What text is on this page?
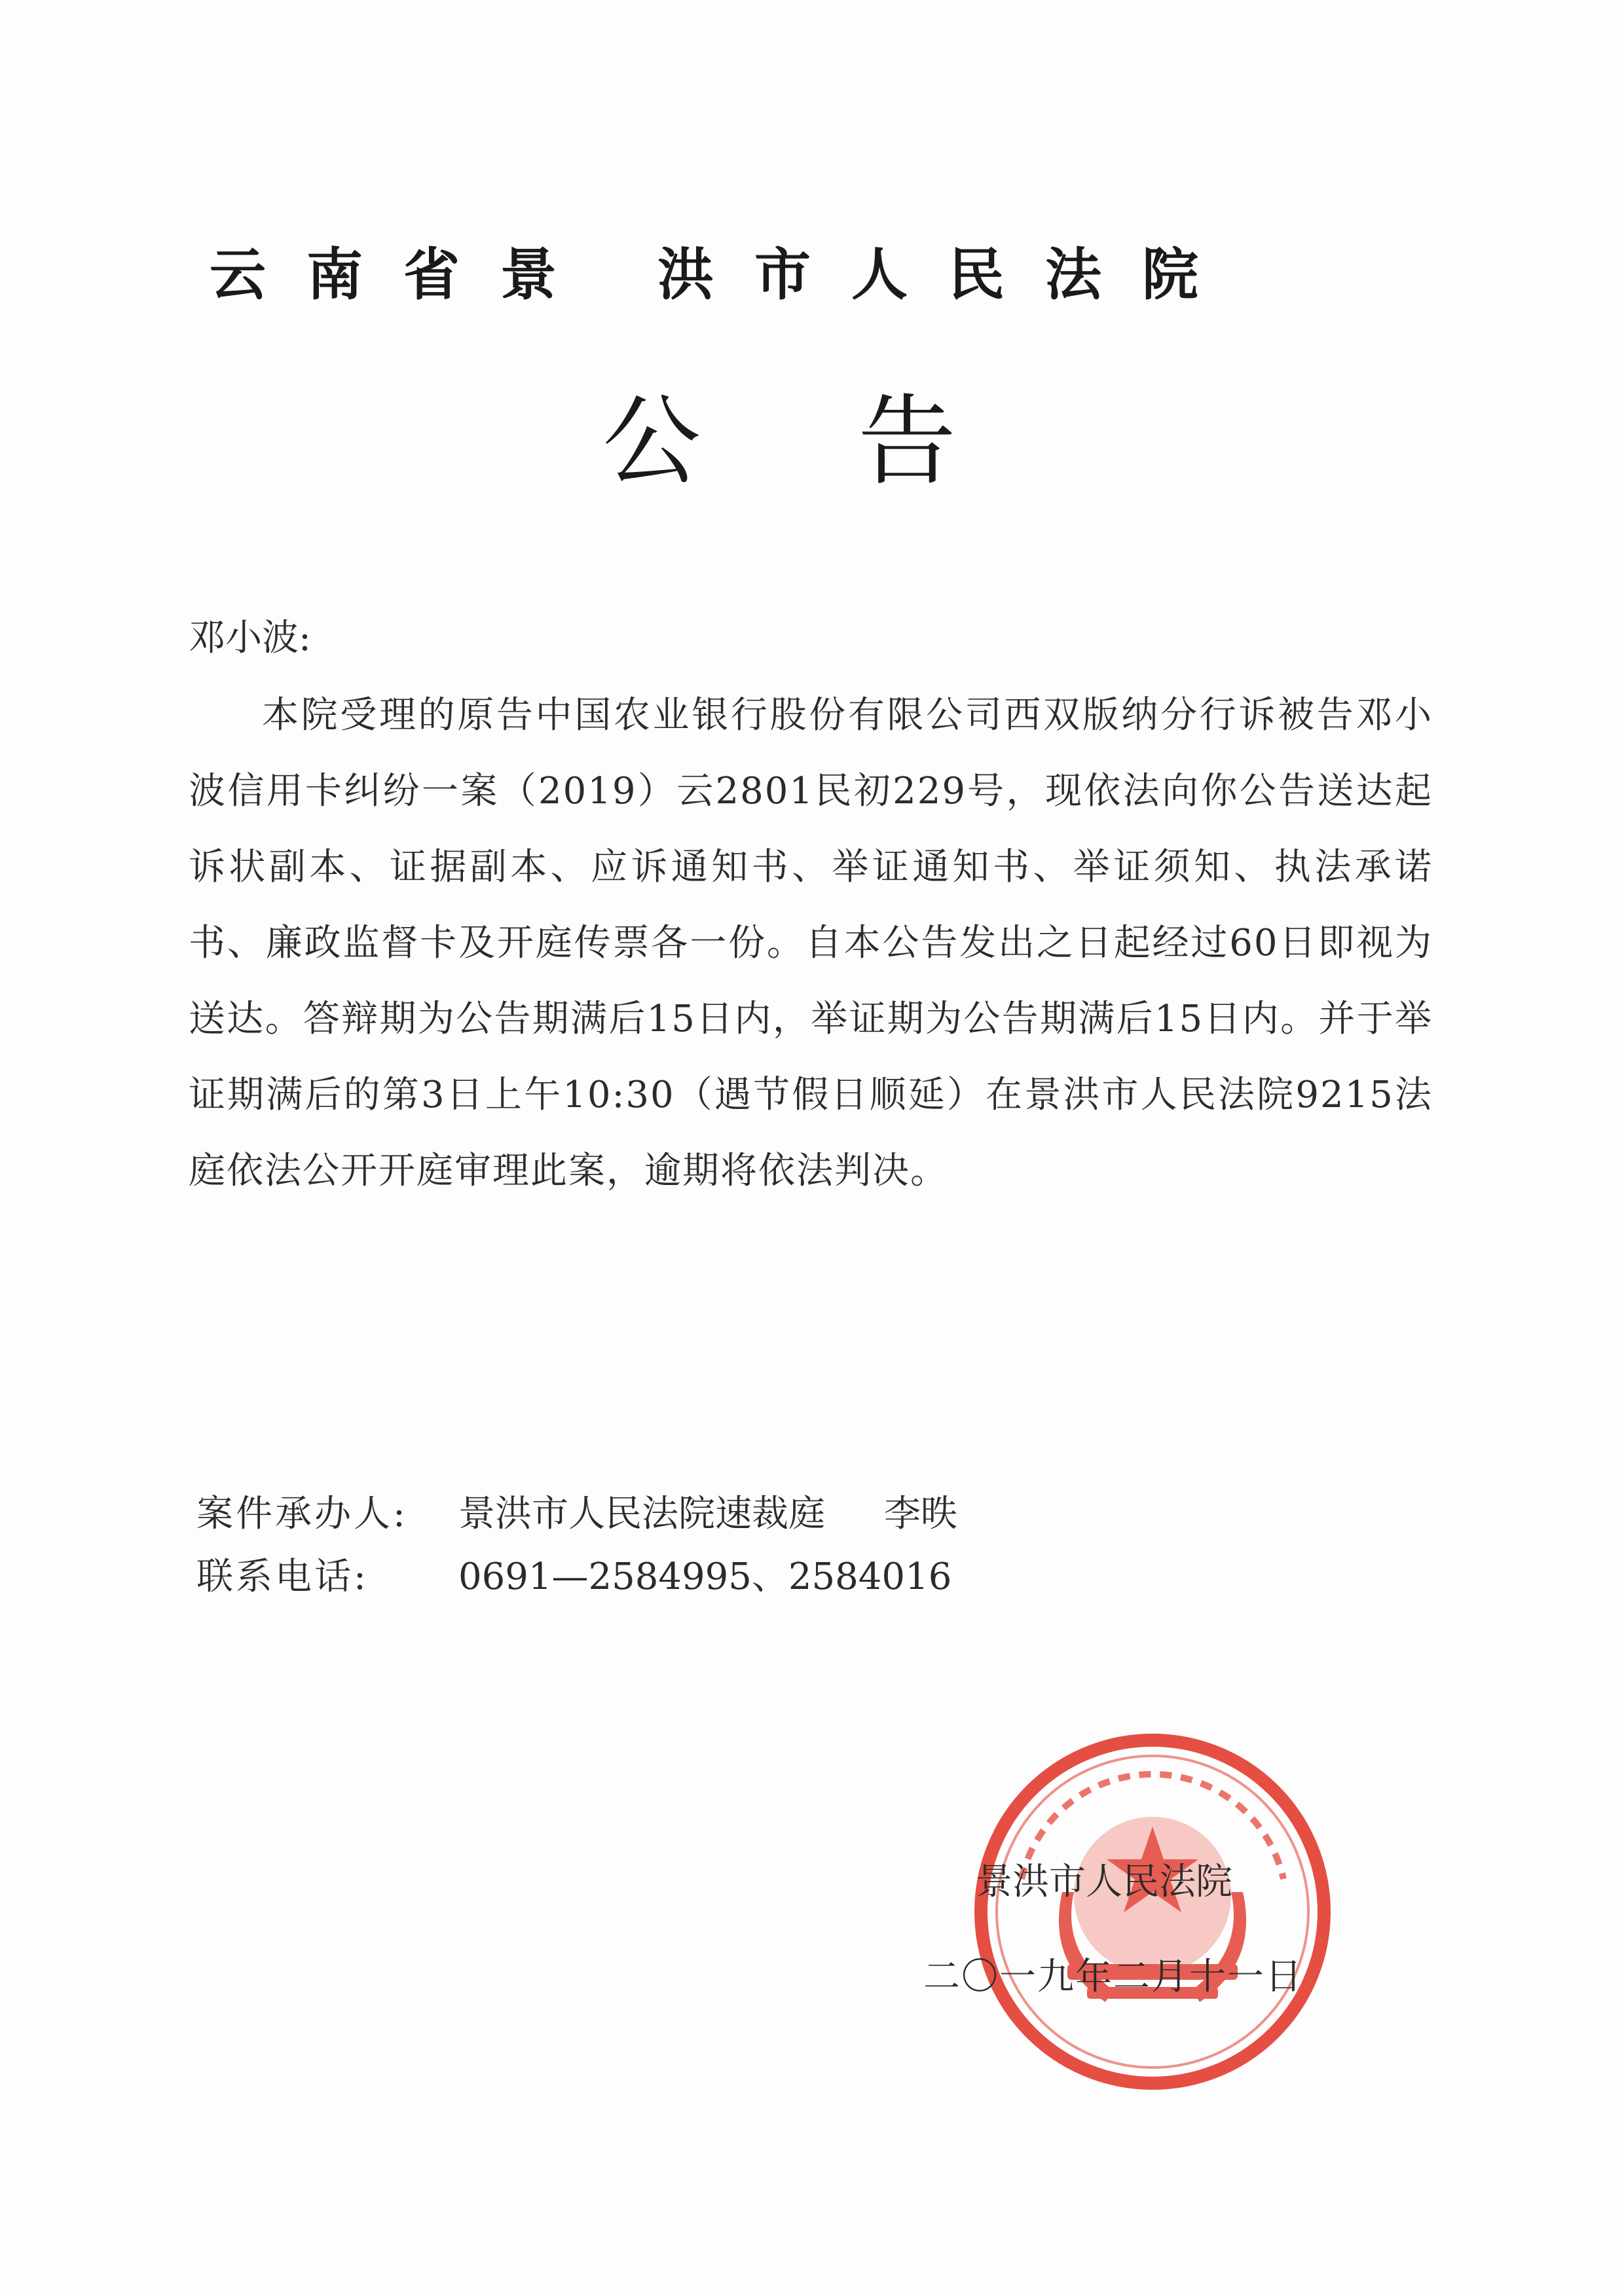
云南省景 洪市人民法院
公告
邓小波:
本院受理的原告中国农业银行股份有限公司西双版纳分行诉被告邓小波信用卡纠纷一案（2019）云2801民初229号，现依法向你公告送达起诉状副本、证据副本、应诉通知书、举证通知书、举证须知、执法承诺书、廉政监督卡及开庭传票各一份。自本公告发出之日起经过60日即视为送达。答辩期为公告期满后15日内，举证期为公告期满后15日内。并于举证期满后的第3日上午10:30（遇节假日顺延）在景洪市人民法院9215法庭依法公开开庭审理此案，逾期将依法判决。
案件承办人: 景洪市人民法院速裁庭 李昳
联系电话: 0691—2584995、2584016
景洪市人民法院
二〇一九年二月十一日
